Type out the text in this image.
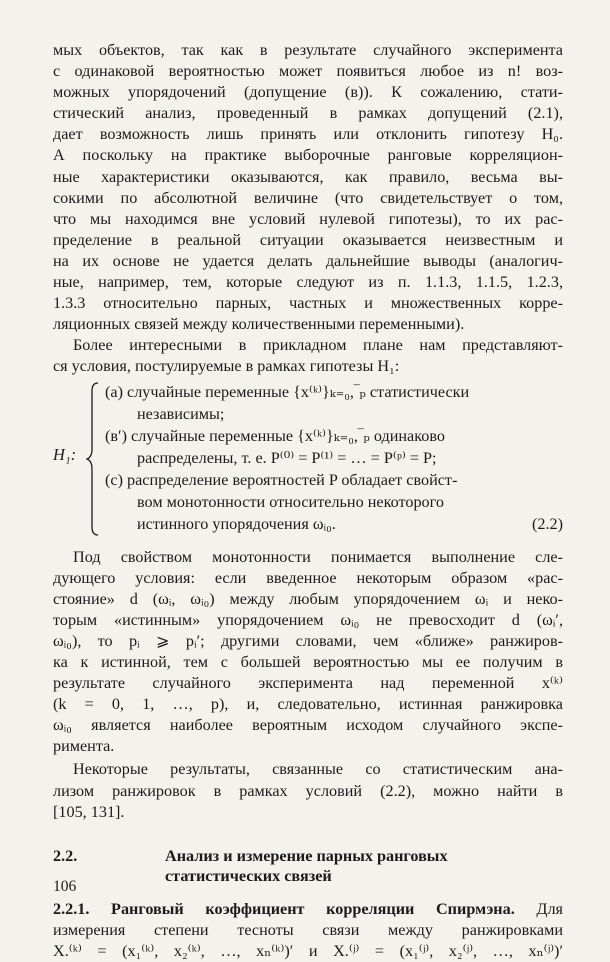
мых объектов, так как в результате случайного эксперимента
с одинаковой вероятностью может появиться любое из n! воз-
можных упорядочений (допущение (в)). К сожалению, стати-
стический анализ, проведенный в рамках допущений (2.1),
дает возможность лишь принять или отклонить гипотезу H₀.
А поскольку на практике выборочные ранговые корреляцион-
ные характеристики оказываются, как правило, весьма вы-
сокими по абсолютной величине (что свидетельствует о том,
что мы находимся вне условий нулевой гипотезы), то их рас-
пределение в реальной ситуации оказывается неизвестным и
на их основе не удается делать дальнейшие выводы (аналогич-
ные, например, тем, которые следуют из п. 1.1.3, 1.1.5, 1.2.3,
1.3.3 относительно парных, частных и множественных корре-
ляционных связей между количественными переменными).

Более интересными в прикладном плане нам представляют-
ся условия, постулируемые в рамках гипотезы H₁:

H₁:
(а) случайные переменные {x⁽ᵏ⁾}ₖ₌₀,‾ₚ статистически
независимы;
(в′) случайные переменные {x⁽ᵏ⁾}ₖ₌₀,‾ₚ одинаково
распределены, т. е. P⁽⁰⁾ = P⁽¹⁾ = … = P⁽ᵖ⁾ = P;
(с) распределение вероятностей P обладает свойст-
вом монотонности относительно некоторого
истинного упорядочения ωᵢ₀.	(2.2)

Под свойством монотонности понимается выполнение сле-
дующего условия: если введенное некоторым образом «рас-
стояние» d (ωᵢ, ωᵢ₀) между любым упорядочением ωᵢ и неко-
торым «истинным» упорядочением ωᵢ₀ не превосходит d (ωᵢ′,
ωᵢ₀), то pᵢ ⩾ pᵢ′; другими словами, чем «ближе» ранжиров-
ка к истинной, тем с большей вероятностью мы ее получим в
результате случайного эксперимента над переменной x⁽ᵏ⁾
(k = 0, 1, …, p), и, следовательно, истинная ранжировка
ωᵢ₀ является наиболее вероятным исходом случайного экспе-
римента.

Некоторые результаты, связанные со статистическим ана-
лизом ранжировок в рамках условий (2.2), можно найти в
[105, 131].

2.2.	Анализ и измерение парных ранговых
статистических связей

2.2.1. Ранговый коэффициент корреляции Спирмэна. Для
измерения степени тесноты связи между ранжировками
X.⁽ᵏ⁾ = (x₁⁽ᵏ⁾, x₂⁽ᵏ⁾, …, xₙ⁽ᵏ⁾)′ и X.⁽ʲ⁾ = (x₁⁽ʲ⁾, x₂⁽ʲ⁾, …, xₙ⁽ʲ⁾)′

106
